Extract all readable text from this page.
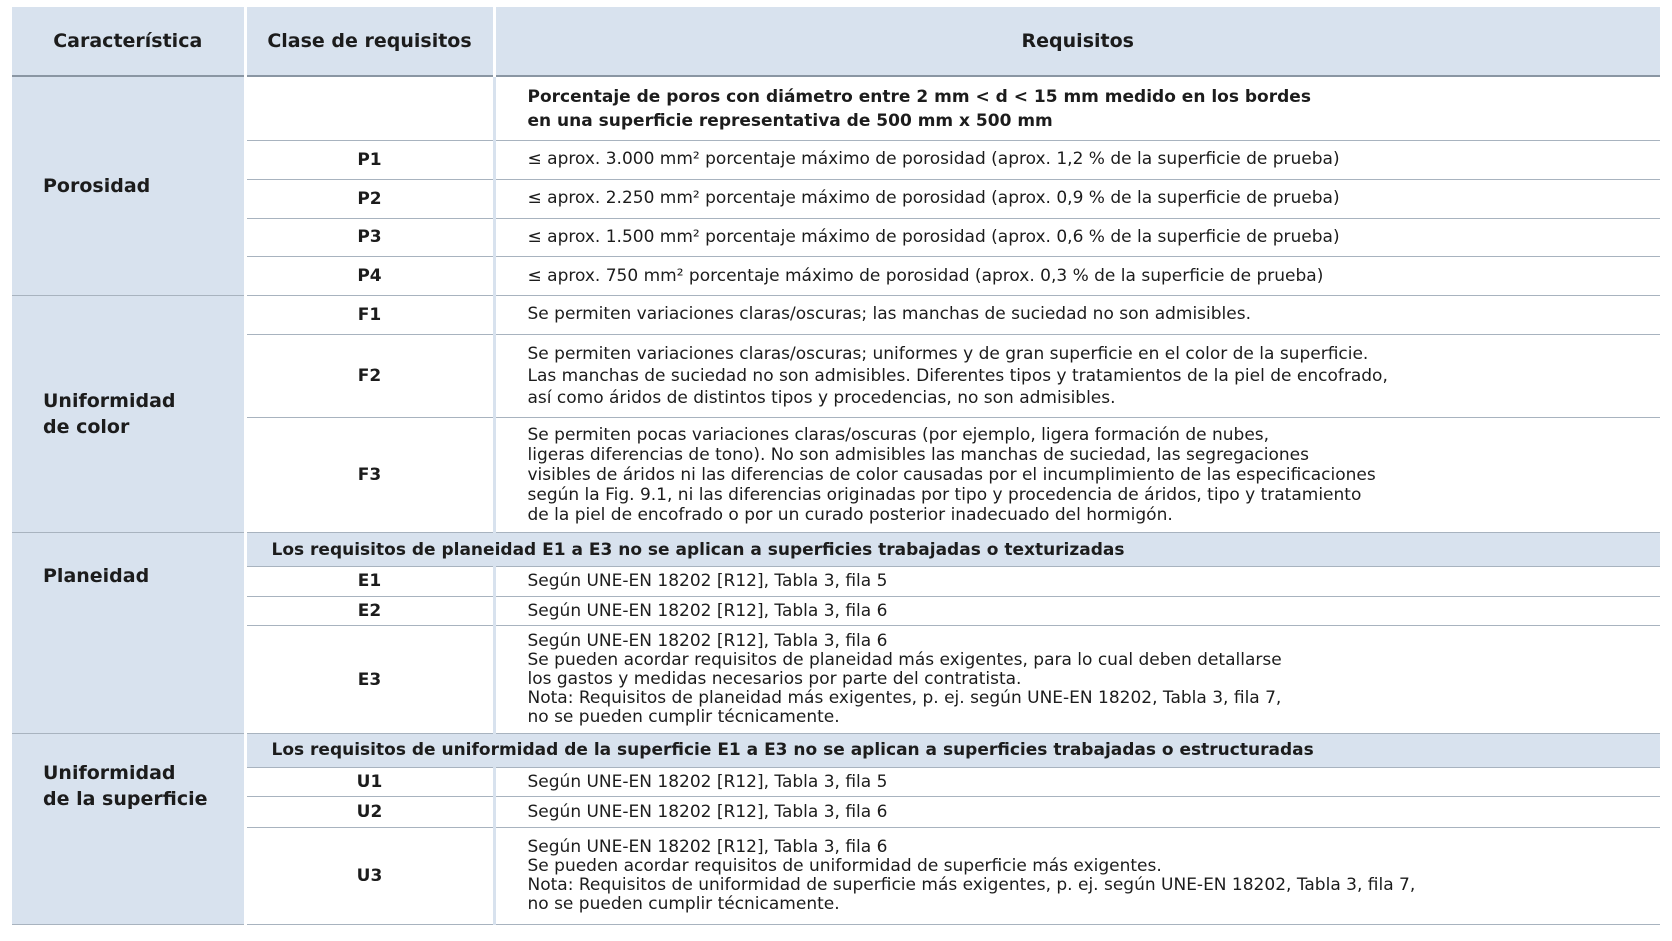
Característica	Clase de requisitos	Requisitos
Porosidad		Porcentaje de poros con diámetro entre 2 mm < d < 15 mm medido en los bordes
en una superficie representativa de 500 mm x 500 mm

	P1	≤ aprox. 3.000 mm² porcentaje máximo de porosidad (aprox. 1,2 % de la superficie de prueba)
	P2	≤ aprox. 2.250 mm² porcentaje máximo de porosidad (aprox. 0,9 % de la superficie de prueba)
	P3	≤ aprox. 1.500 mm² porcentaje máximo de porosidad (aprox. 0,6 % de la superficie de prueba)
	P4	≤ aprox. 750 mm² porcentaje máximo de porosidad (aprox. 0,3 % de la superficie de prueba)

Uniformidad
de color	F1	Se permiten variaciones claras/oscuras; las manchas de suciedad no son admisibles.

	F2	Se permiten variaciones claras/oscuras; uniformes y de gran superficie en el color de la superficie.
Las manchas de suciedad no son admisibles. Diferentes tipos y tratamientos de la piel de encofrado,
así como áridos de distintos tipos y procedencias, no son admisibles.

	F3	Se permiten pocas variaciones claras/oscuras (por ejemplo, ligera formación de nubes,
ligeras diferencias de tono). No son admisibles las manchas de suciedad, las segregaciones
visibles de áridos ni las diferencias de color causadas por el incumplimiento de las especificaciones
según la Fig. 9.1, ni las diferencias originadas por tipo y procedencia de áridos, tipo y tratamiento
de la piel de encofrado o por un curado posterior inadecuado del hormigón.

Planeidad	Los requisitos de planeidad E1 a E3 no se aplican a superficies trabajadas o texturizadas	
	E1	Según UNE-EN 18202 [R12], Tabla 3, fila 5

	E2	Según UNE-EN 18202 [R12], Tabla 3, fila 6

	E3	Según UNE-EN 18202 [R12], Tabla 3, fila 6
Se pueden acordar requisitos de planeidad más exigentes, para lo cual deben detallarse
los gastos y medidas necesarios por parte del contratista.
Nota: Requisitos de planeidad más exigentes, p. ej. según UNE-EN 18202, Tabla 3, fila 7,
no se pueden cumplir técnicamente.

Uniformidad
de la superficie	Los requisitos de uniformidad de la superficie E1 a E3 no se aplican a superficies trabajadas o estructuradas	
	U1	Según UNE-EN 18202 [R12], Tabla 3, fila 5

	U2	Según UNE-EN 18202 [R12], Tabla 3, fila 6

	U3	Según UNE-EN 18202 [R12], Tabla 3, fila 6
Se pueden acordar requisitos de uniformidad de superficie más exigentes.
Nota: Requisitos de uniformidad de superficie más exigentes, p. ej. según UNE-EN 18202, Tabla 3, fila 7,
no se pueden cumplir técnicamente.
